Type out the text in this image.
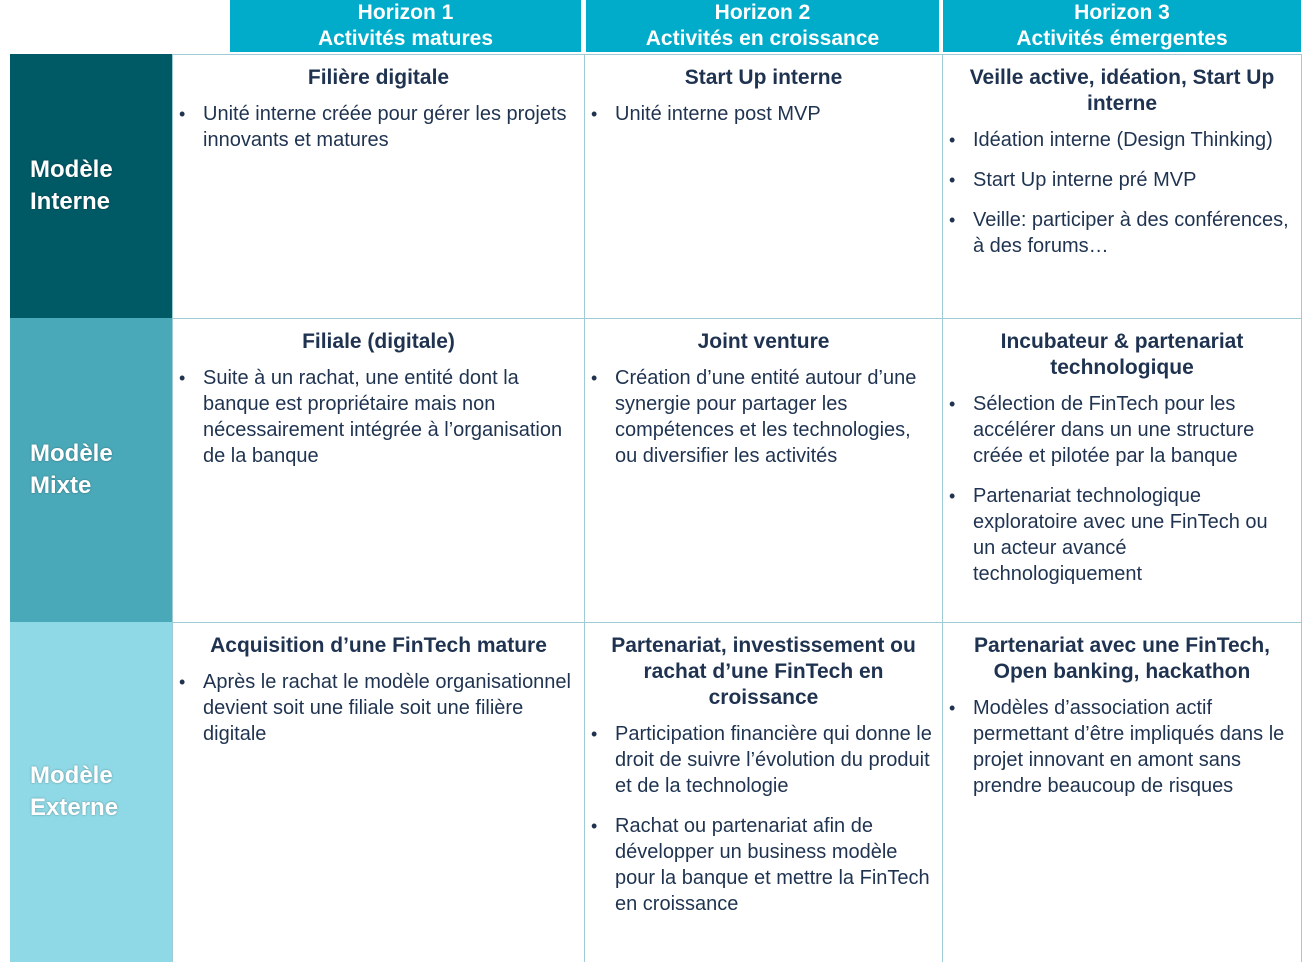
Horizon 1
Activités matures
Horizon 2
Activités en croissance
Horizon 3
Activités émergentes
Modèle
Interne
Modèle
Mixte
Modèle
Externe
Filière digitale
• Unité interne créée pour gérer les projets innovants et matures
Start Up interne
• Unité interne post MVP
Veille active, idéation, Start Up interne
• Idéation interne (Design Thinking)
• Start Up interne pré MVP
• Veille: participer à des conférences, à des forums…
Filiale (digitale)
• Suite à un rachat, une entité dont la banque est propriétaire mais non nécessairement intégrée à l’organisation de la banque
Joint venture
• Création d’une entité autour d’une synergie pour partager les compétences et les technologies, ou diversifier les activités
Incubateur & partenariat technologique
• Sélection de FinTech pour les accélérer dans un une structure créée et pilotée par la banque
• Partenariat technologique exploratoire avec une FinTech ou un acteur avancé technologiquement
Acquisition d’une FinTech mature
• Après le rachat le modèle organisationnel devient soit une filiale soit une filière digitale
Partenariat, investissement ou rachat d’une FinTech en croissance
• Participation financière qui donne le droit de suivre l’évolution du produit et de la technologie
• Rachat ou partenariat afin de développer un business modèle pour la banque et mettre la FinTech en croissance
Partenariat avec une FinTech, Open banking, hackathon
• Modèles d’association actif permettant d’être impliqués dans le projet innovant en amont sans prendre beaucoup de risques
